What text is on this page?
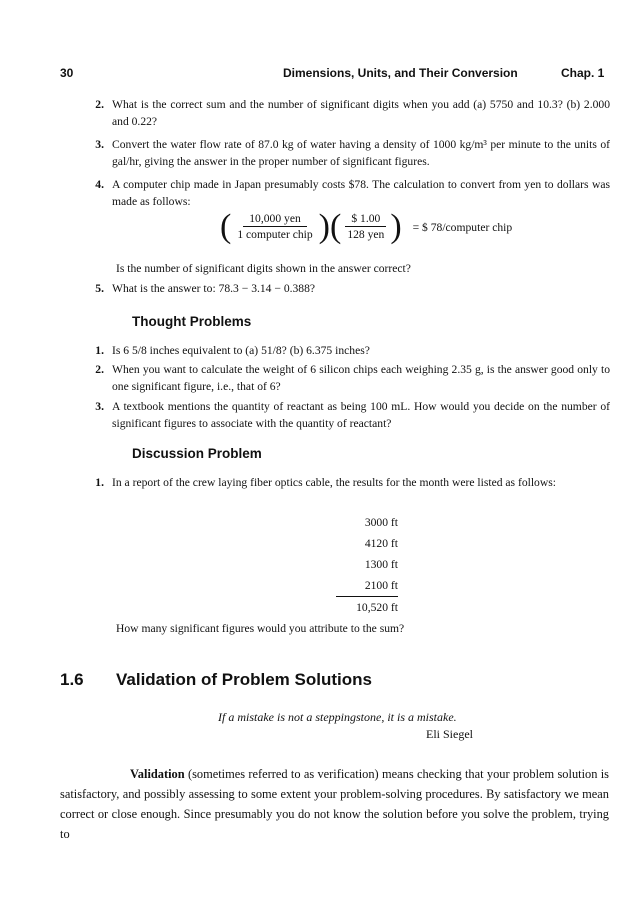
30	Dimensions, Units, and Their Conversion	Chap. 1
2. What is the correct sum and the number of significant digits when you add (a) 5750 and 10.3? (b) 2.000 and 0.22?
3. Convert the water flow rate of 87.0 kg of water having a density of 1000 kg/m³ per minute to the units of gal/hr, giving the answer in the proper number of significant figures.
4. A computer chip made in Japan presumably costs $78. The calculation to convert from yen to dollars was made as follows:
( $\frac{\text{10,000 yen}}{\text{1 computer chip}}$ )( $\frac{\$ 1.00}{\text{128 yen}}$ ) = $ 78/computer chip
Is the number of significant digits shown in the answer correct?
5. What is the answer to: 78.3 − 3.14 − 0.388?
Thought Problems
1. Is 6 5/8 inches equivalent to (a) 51/8? (b) 6.375 inches?
2. When you want to calculate the weight of 6 silicon chips each weighing 2.35 g, is the answer good only to one significant figure, i.e., that of 6?
3. A textbook mentions the quantity of reactant as being 100 mL. How would you decide on the number of significant figures to associate with the quantity of reactant?
Discussion Problem
1. In a report of the crew laying fiber optics cable, the results for the month were listed as follows:
3000 ft
4120 ft
1300 ft
2100 ft
10,520 ft
How many significant figures would you attribute to the sum?
1.6 Validation of Problem Solutions
If a mistake is not a steppingstone, it is a mistake.
Eli Siegel
Validation (sometimes referred to as verification) means checking that your problem solution is satisfactory, and possibly assessing to some extent your problem-solving procedures. By satisfactory we mean correct or close enough. Since presumably you do not know the solution before you solve the problem, trying to
